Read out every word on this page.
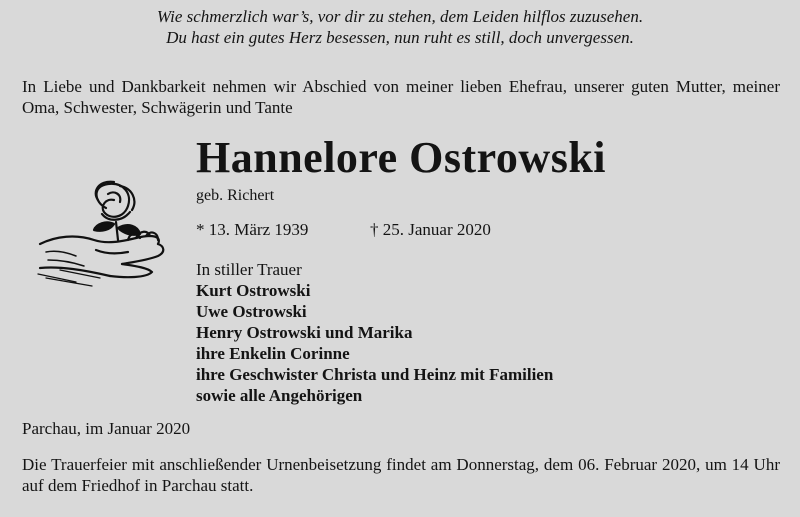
Wie schmerzlich war’s, vor dir zu stehen, dem Leiden hilflos zuzusehen.
Du hast ein gutes Herz besessen, nun ruht es still, doch unvergessen.
In Liebe und Dankbarkeit nehmen wir Abschied von meiner lieben Ehefrau, unserer guten Mutter, meiner Oma, Schwester, Schwägerin und Tante
Hannelore Ostrowski
geb. Richert
* 13. März 1939	† 25. Januar 2020
In stiller Trauer
Kurt Ostrowski
Uwe Ostrowski
Henry Ostrowski und Marika
ihre Enkelin Corinne
ihre Geschwister Christa und Heinz mit Familien
sowie alle Angehörigen
Parchau, im Januar 2020
Die Trauerfeier mit anschließender Urnenbeisetzung findet am Donnerstag, dem 06. Februar 2020, um 14 Uhr auf dem Friedhof in Parchau statt.
